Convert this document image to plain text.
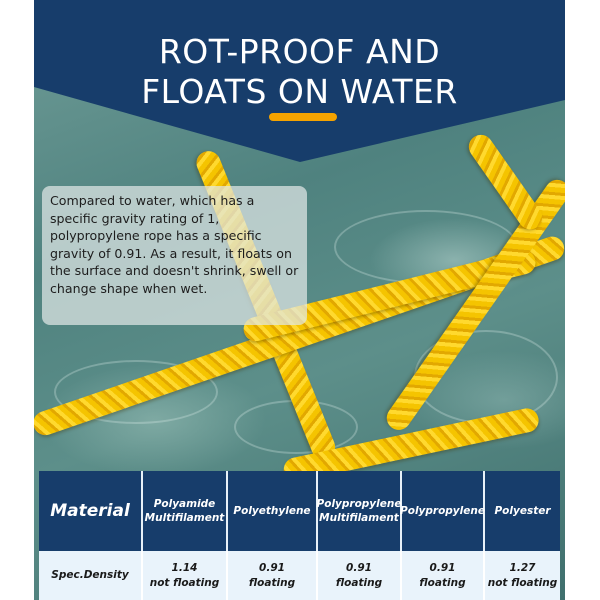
ROT-PROOF AND
FLOATS ON WATER
Compared to water, which has a specific gravity rating of 1, polypropylene rope has a specific gravity of 0.91. As a result, it floats on the surface and doesn't shrink, swell or change shape when wet.
Material	Polyamide
Multifilament
Polyethylene
Polypropylene
Multifilament
Polypropylene Polyester
Spec.Density
1.14
not floating
0.91
floating
0.91
floating
0.91
floating
1.27
not floating
